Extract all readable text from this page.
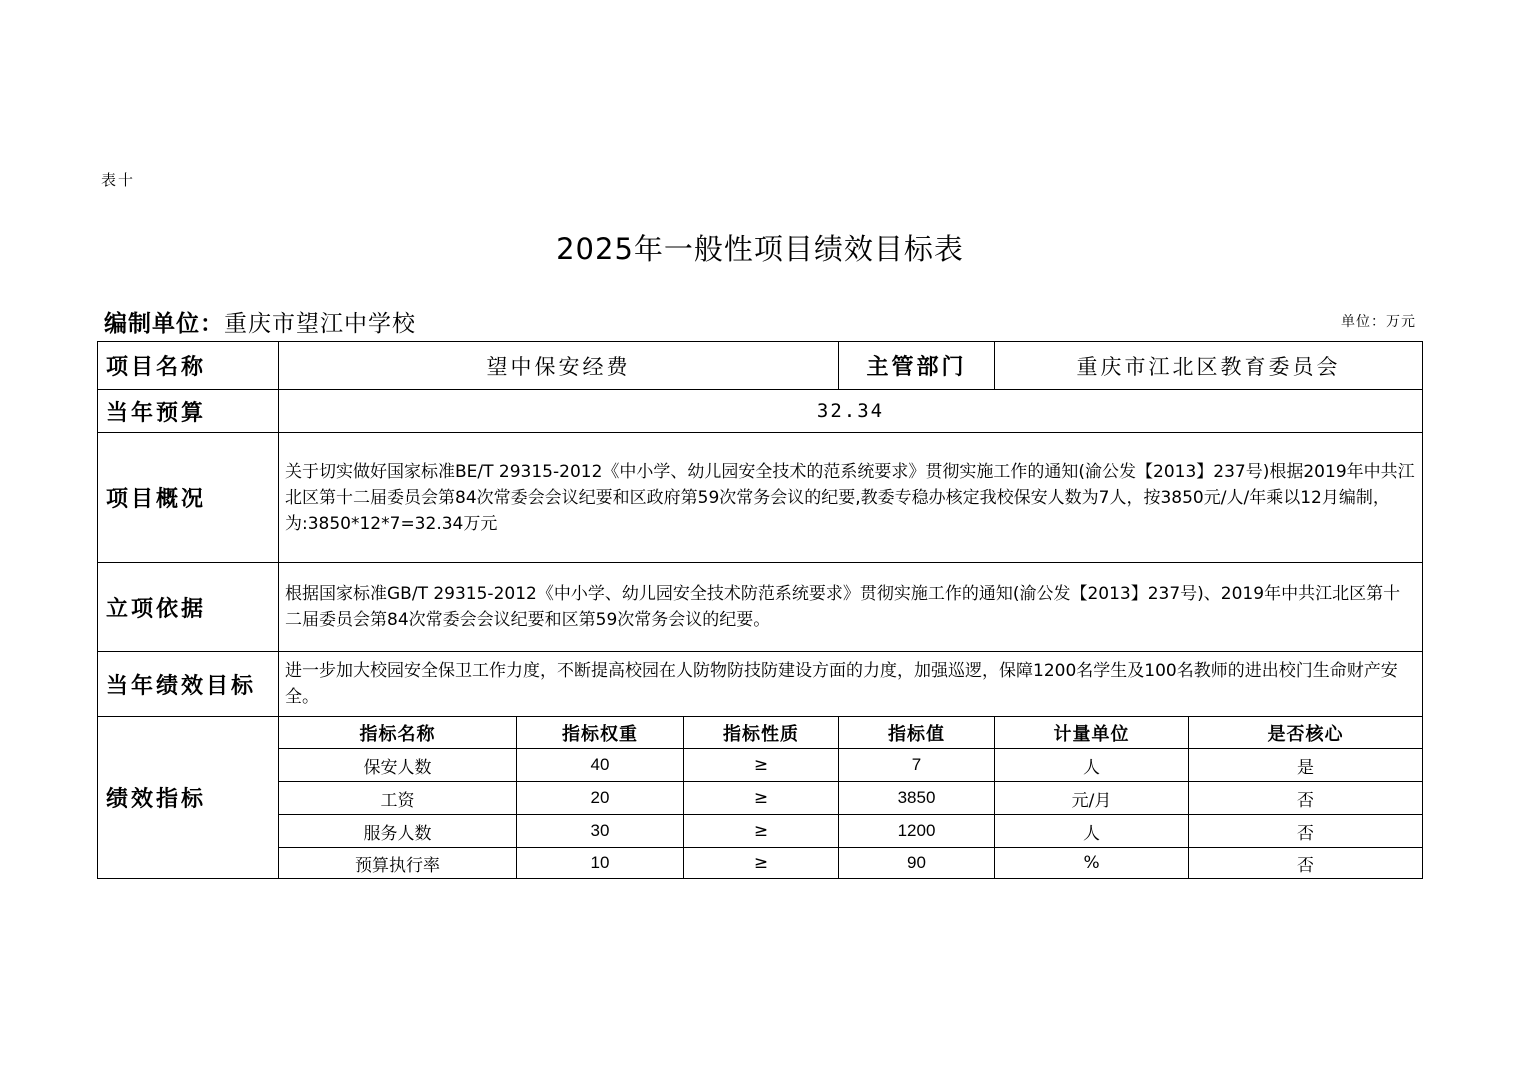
表十
2025年一般性项目绩效目标表
编制单位：重庆市望江中学校	单位：万元
项目名称	望中保安经费			主管部门	重庆市江北区教育委员会	
当年预算	32.34					
项目概况	关于切实做好国家标准BE/T 29315-2012《中小学、幼儿园安全技术的范系统要求》贯彻实施工作的通知(渝公发【2013】237号)根据2019年中共江北区第十二届委员会第84次常委会会议纪要和区政府第59次常务会议的纪要,教委专稳办核定我校保安人数为7人，按3850元/人/年乘以12月编制，为:3850*12*7=32.34万元					
立项依据	根据国家标准GB/T 29315-2012《中小学、幼儿园安全技术防范系统要求》贯彻实施工作的通知(渝公发【2013】237号)、2019年中共江北区第十二届委员会第84次常委会会议纪要和区第59次常务会议的纪要。					
当年绩效目标	进一步加大校园安全保卫工作力度，不断提高校园在人防物防技防建设方面的力度，加强巡逻，保障1200名学生及100名教师的进出校门生命财产安全。					
绩效指标	指标名称	指标权重	指标性质	指标值	计量单位	是否核心
	保安人数	40	≥	7	人	是
	工资	20	≥	3850	元/月	否
	服务人数	30	≥	1200	人	否
	预算执行率	10	≥	90	%	否
